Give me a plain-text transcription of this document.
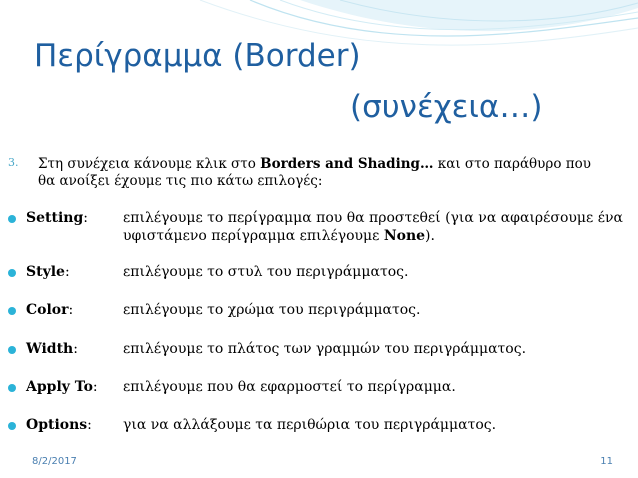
Περίγραμμα (Border)
(συνέχεια…)
3. Στη συνέχεια κάνουμε κλικ στο Borders and Shading… και στο παράθυρο που θα ανοίξει έχουμε τις πιο κάτω επιλογές:
Setting:	επιλέγουμε το περίγραμμα που θα προστεθεί (για να αφαιρέσουμε ένα υφιστάμενο περίγραμμα επιλέγουμε None).
Style:	επιλέγουμε το στυλ του περιγράμματος.
Color:	επιλέγουμε το χρώμα του περιγράμματος.
Width:	επιλέγουμε το πλάτος των γραμμών του περιγράμματος.
Apply To: επιλέγουμε που θα εφαρμοστεί το περίγραμμα.
Options: για να αλλάξουμε τα περιθώρια του περιγράμματος.
8/2/2017	11
